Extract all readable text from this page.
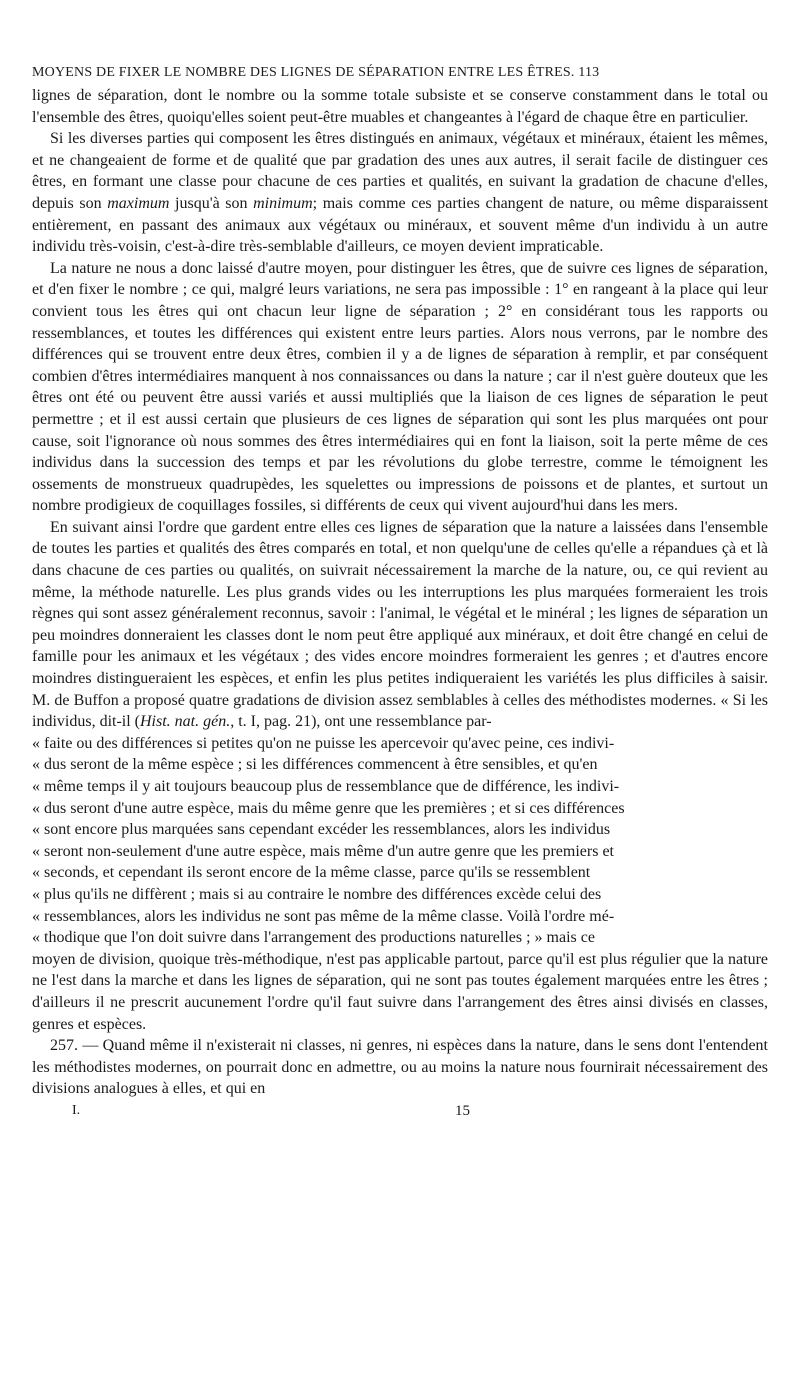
MOYENS DE FIXER LE NOMBRE DES LIGNES DE SÉPARATION ENTRE LES ÊTRES. 113

lignes de séparation, dont le nombre ou la somme totale subsiste et se conserve constamment dans le total ou l'ensemble des êtres, quoiqu'elles soient peut-être muables et changeantes à l'égard de chaque être en particulier.

Si les diverses parties qui composent les êtres distingués en animaux, végétaux et minéraux, étaient les mêmes, et ne changeaient de forme et de qualité que par gradation des unes aux autres, il serait facile de distinguer ces êtres, en formant une classe pour chacune de ces parties et qualités, en suivant la gradation de chacune d'elles, depuis son maximum jusqu'à son minimum; mais comme ces parties changent de nature, ou même disparaissent entièrement, en passant des animaux aux végétaux ou minéraux, et souvent même d'un individu à un autre individu très-voisin, c'est-à-dire très-semblable d'ailleurs, ce moyen devient impraticable.

La nature ne nous a donc laissé d'autre moyen, pour distinguer les êtres, que de suivre ces lignes de séparation, et d'en fixer le nombre ; ce qui, malgré leurs variations, ne sera pas impossible : 1° en rangeant à la place qui leur convient tous les êtres qui ont chacun leur ligne de séparation ; 2° en considérant tous les rapports ou ressemblances, et toutes les différences qui existent entre leurs parties. Alors nous verrons, par le nombre des différences qui se trouvent entre deux êtres, combien il y a de lignes de séparation à remplir, et par conséquent combien d'êtres intermédiaires manquent à nos connaissances ou dans la nature ; car il n'est guère douteux que les êtres ont été ou peuvent être aussi variés et aussi multipliés que la liaison de ces lignes de séparation le peut permettre ; et il est aussi certain que plusieurs de ces lignes de séparation qui sont les plus marquées ont pour cause, soit l'ignorance où nous sommes des êtres intermédiaires qui en font la liaison, soit la perte même de ces individus dans la succession des temps et par les révolutions du globe terrestre, comme le témoignent les ossements de monstrueux quadrupèdes, les squelettes ou impressions de poissons et de plantes, et surtout un nombre prodigieux de coquillages fossiles, si différents de ceux qui vivent aujourd'hui dans les mers.

En suivant ainsi l'ordre que gardent entre elles ces lignes de séparation que la nature a laissées dans l'ensemble de toutes les parties et qualités des êtres comparés en total, et non quelqu'une de celles qu'elle a répandues çà et là dans chacune de ces parties ou qualités, on suivrait nécessairement la marche de la nature, ou, ce qui revient au même, la méthode naturelle. Les plus grands vides ou les interruptions les plus marquées formeraient les trois règnes qui sont assez généralement reconnus, savoir : l'animal, le végétal et le minéral ; les lignes de séparation un peu moindres donneraient les classes dont le nom peut être appliqué aux minéraux, et doit être changé en celui de famille pour les animaux et les végétaux ; des vides encore moindres formeraient les genres ; et d'autres encore moindres distingueraient les espèces, et enfin les plus petites indiqueraient les variétés les plus difficiles à saisir. M. de Buffon a proposé quatre gradations de division assez semblables à celles des méthodistes modernes. « Si les individus, dit-il (Hist. nat. gén., t. I, pag. 21), ont une ressemblance par-

« faite ou des différences si petites qu'on ne puisse les apercevoir qu'avec peine, ces indivi-

« dus seront de la même espèce ; si les différences commencent à être sensibles, et qu'en

« même temps il y ait toujours beaucoup plus de ressemblance que de différence, les indivi-

« dus seront d'une autre espèce, mais du même genre que les premières ; et si ces différences

« sont encore plus marquées sans cependant excéder les ressemblances, alors les individus

« seront non-seulement d'une autre espèce, mais même d'un autre genre que les premiers et

« seconds, et cependant ils seront encore de la même classe, parce qu'ils se ressemblent

« plus qu'ils ne diffèrent ; mais si au contraire le nombre des différences excède celui des

« ressemblances, alors les individus ne sont pas même de la même classe. Voilà l'ordre mé-

« thodique que l'on doit suivre dans l'arrangement des productions naturelles ; » mais ce

moyen de division, quoique très-méthodique, n'est pas applicable partout, parce qu'il est plus régulier que la nature ne l'est dans la marche et dans les lignes de séparation, qui ne sont pas toutes également marquées entre les êtres ; d'ailleurs il ne prescrit aucunement l'ordre qu'il faut suivre dans l'arrangement des êtres ainsi divisés en classes, genres et espèces.

257. — Quand même il n'existerait ni classes, ni genres, ni espèces dans la nature, dans le sens dont l'entendent les méthodistes modernes, on pourrait donc en admettre, ou au moins la nature nous fournirait nécessairement des divisions analogues à elles, et qui en

I.	15
